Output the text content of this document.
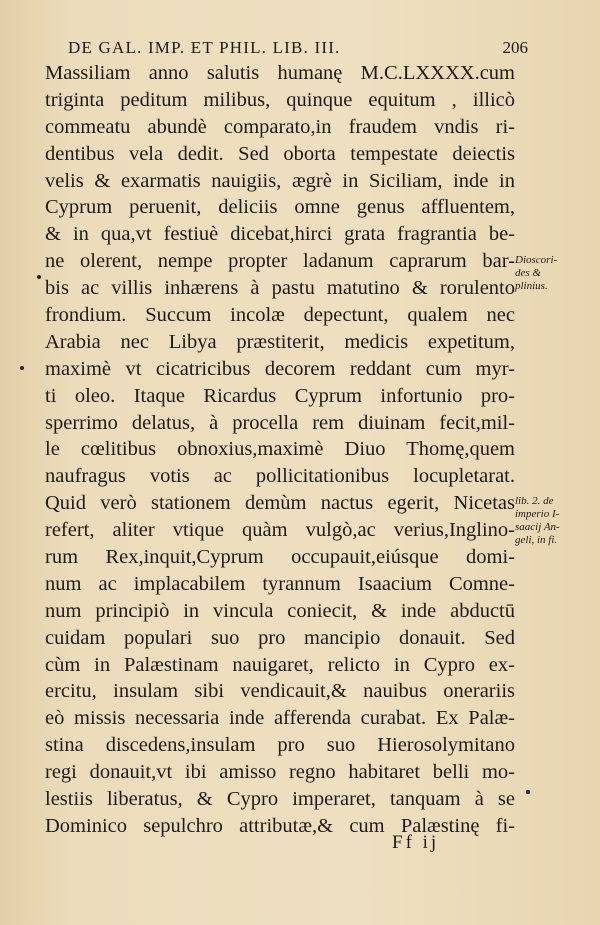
DE GAL. IMP. ET PHIL. LIB. III.	206
Massiliam anno salutis humanę M.C.LXXXX.cum
triginta peditum milibus, quinque equitum , illicò
commeatu abundè comparato,in fraudem vndis ri-
dentibus vela dedit. Sed oborta tempestate deiectis
velis & exarmatis nauigiis, ægrè in Siciliam, inde in
Cyprum peruenit, deliciis omne genus affluentem,
& in qua,vt festiuè dicebat,hirci grata fragrantia be-
ne olerent, nempe propter ladanum caprarum bar-
bis ac villis inhærens à pastu matutino & rorulento
frondium. Succum incolæ depectunt, qualem nec
Arabia nec Libya præstiterit, medicis expetitum,
maximè vt cicatricibus decorem reddant cum myr-
ti oleo. Itaque Ricardus Cyprum infortunio pro-
sperrimo delatus, à procella rem diuinam fecit,mil-
le cœlitibus obnoxius,maximè Diuo Thomę,quem
naufragus votis ac pollicitationibus locupletarat.
Quid verò stationem demùm nactus egerit, Nicetas
refert, aliter vtique quàm vulgò,ac verius,Inglino-
rum Rex,inquit,Cyprum occupauit,eiúsque domi-
num ac implacabilem tyrannum Isaacium Comne-
num principiò in vincula coniecit, & inde abductū
cuidam populari suo pro mancipio donauit. Sed
cùm in Palæstinam nauigaret, relicto in Cypro ex-
ercitu, insulam sibi vendicauit,& nauibus onerariis
eò missis necessaria inde afferenda curabat. Ex Palæ-
stina discedens,insulam pro suo Hierosolymitano
regi donauit,vt ibi amisso regno habitaret belli mo-
lestiis liberatus, & Cypro imperaret, tanquam à se
Dominico sepulchro attributæ,& cum Palæstinę fi-
Dioscori-
des &
plinius.
lib. 2. de
imperio I-
saacij An-
geli, in fi.
Ff ij
